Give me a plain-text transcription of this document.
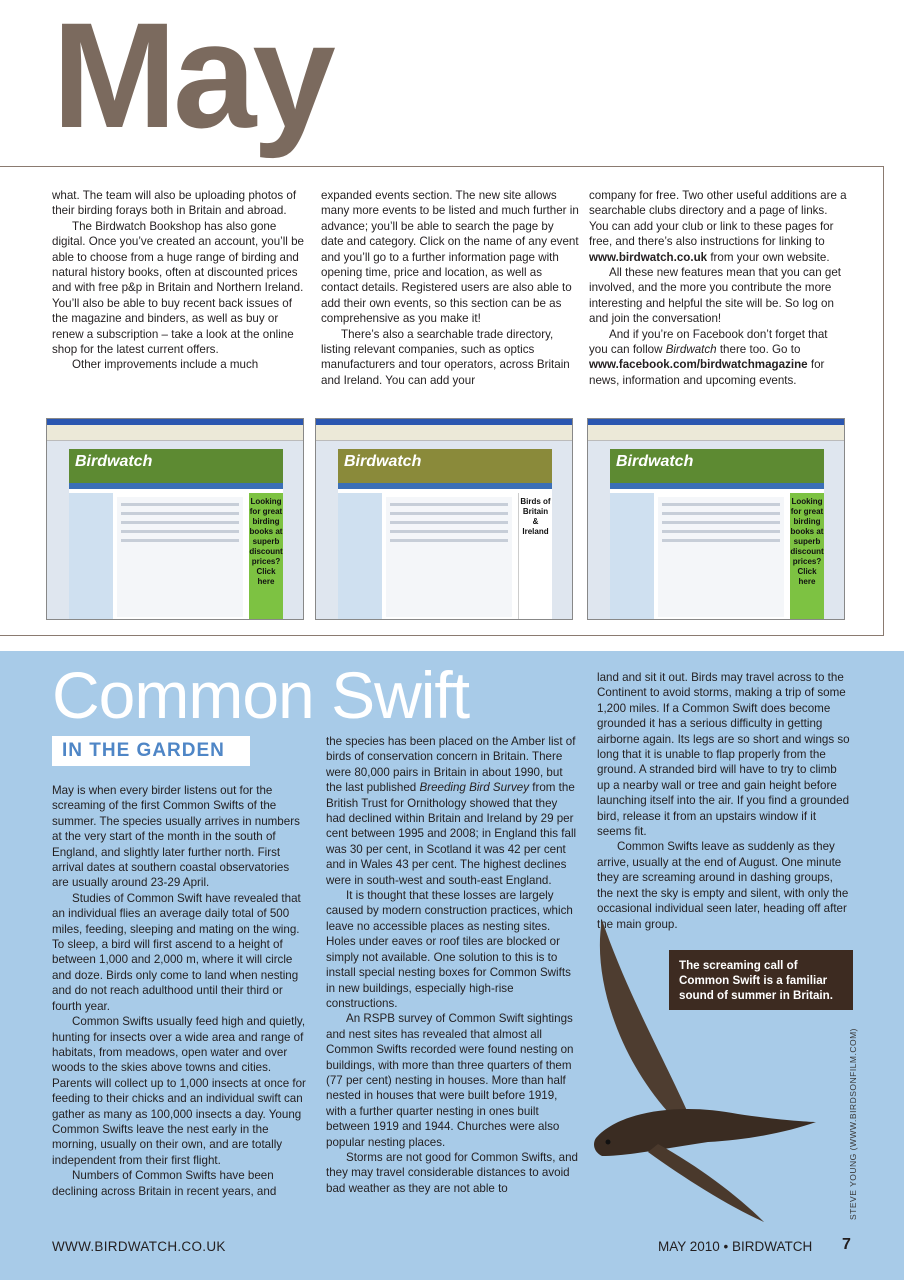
May

what. The team will also be uploading photos of their birding forays both in Britain and abroad.

The Birdwatch Bookshop has also gone digital. Once you’ve created an account, you’ll be able to choose from a huge range of birding and natural history books, often at discounted prices and with free p&p in Britain and Northern Ireland. You’ll also be able to buy recent back issues of the magazine and binders, as well as buy or renew a subscription – take a look at the online shop for the latest current offers.

Other improvements include a much

expanded events section. The new site allows many more events to be listed and much further in advance; you’ll be able to search the page by date and category. Click on the name of any event and you’ll go to a further information page with opening time, price and location, as well as contact details. Registered users are also able to add their own events, so this section can be as comprehensive as you make it!

There’s also a searchable trade directory, listing relevant companies, such as optics manufacturers and tour operators, across Britain and Ireland. You can add your

company for free. Two other useful additions are a searchable clubs directory and a page of links. You can add your club or link to these pages for free, and there’s also instructions for linking to www.birdwatch.co.uk from your own website.

All these new features mean that you can get involved, and the more you contribute the more interesting and helpful the site will be. So log on and join the conversation!

And if you’re on Facebook don’t forget that you can follow Birdwatch there too. Go to www.facebook.com/birdwatchmagazine for news, information and upcoming events.

Birdwatch
Looking for great birding books at superb discount prices? Click here
Birdwatch
Birds of Britain & Ireland
Birdwatch
Looking for great birding books at superb discount prices? Click here
Common Swift
IN THE GARDEN

May is when every birder listens out for the screaming of the first Common Swifts of the summer. The species usually arrives in numbers at the very start of the month in the south of England, and slightly later further north. First arrival dates at southern coastal observatories are usually around 23-29 April.

Studies of Common Swift have revealed that an individual flies an average daily total of 500 miles, feeding, sleeping and mating on the wing. To sleep, a bird will first ascend to a height of between 1,000 and 2,000 m, where it will circle and doze. Birds only come to land when nesting and do not reach adulthood until their third or fourth year.

Common Swifts usually feed high and quietly, hunting for insects over a wide area and range of habitats, from meadows, open water and over woods to the skies above towns and cities. Parents will collect up to 1,000 insects at once for feeding to their chicks and an individual swift can gather as many as 100,000 insects a day. Young Common Swifts leave the nest early in the morning, usually on their own, and are totally independent from their first flight.

Numbers of Common Swifts have been declining across Britain in recent years, and

the species has been placed on the Amber list of birds of conservation concern in Britain. There were 80,000 pairs in Britain in about 1990, but the last published Breeding Bird Survey from the British Trust for Ornithology showed that they had declined within Britain and Ireland by 29 per cent between 1995 and 2008; in England this fall was 30 per cent, in Scotland it was 42 per cent and in Wales 43 per cent. The highest declines were in south-west and south-east England.

It is thought that these losses are largely caused by modern construction practices, which leave no accessible places as nesting sites. Holes under eaves or roof tiles are blocked or simply not available. One solution to this is to install special nesting boxes for Common Swifts in new buildings, especially high-rise constructions.

An RSPB survey of Common Swift sightings and nest sites has revealed that almost all Common Swifts recorded were found nesting on buildings, with more than three quarters of them (77 per cent) nesting in houses. More than half nested in houses that were built before 1919, with a further quarter nesting in ones built between 1919 and 1944. Churches were also popular nesting places.

Storms are not good for Common Swifts, and they may travel considerable distances to avoid bad weather as they are not able to

land and sit it out. Birds may travel across to the Continent to avoid storms, making a trip of some 1,200 miles. If a Common Swift does become grounded it has a serious difficulty in getting airborne again. Its legs are so short and wings so long that it is unable to flap properly from the ground. A stranded bird will have to try to climb up a nearby wall or tree and gain height before launching itself into the air. If you find a grounded bird, release it from an upstairs window if it seems fit.

Common Swifts leave as suddenly as they arrive, usually at the end of August. One minute they are screaming around in dashing groups, the next the sky is empty and silent, with only the occasional individual seen later, heading off after the main group.

The screaming call of Common Swift is a familiar sound of summer in Britain.
STEVE YOUNG (WWW.BIRDSONFILM.COM)
WWW.BIRDWATCH.CO.UK	MAY 2010 • BIRDWATCH 7
